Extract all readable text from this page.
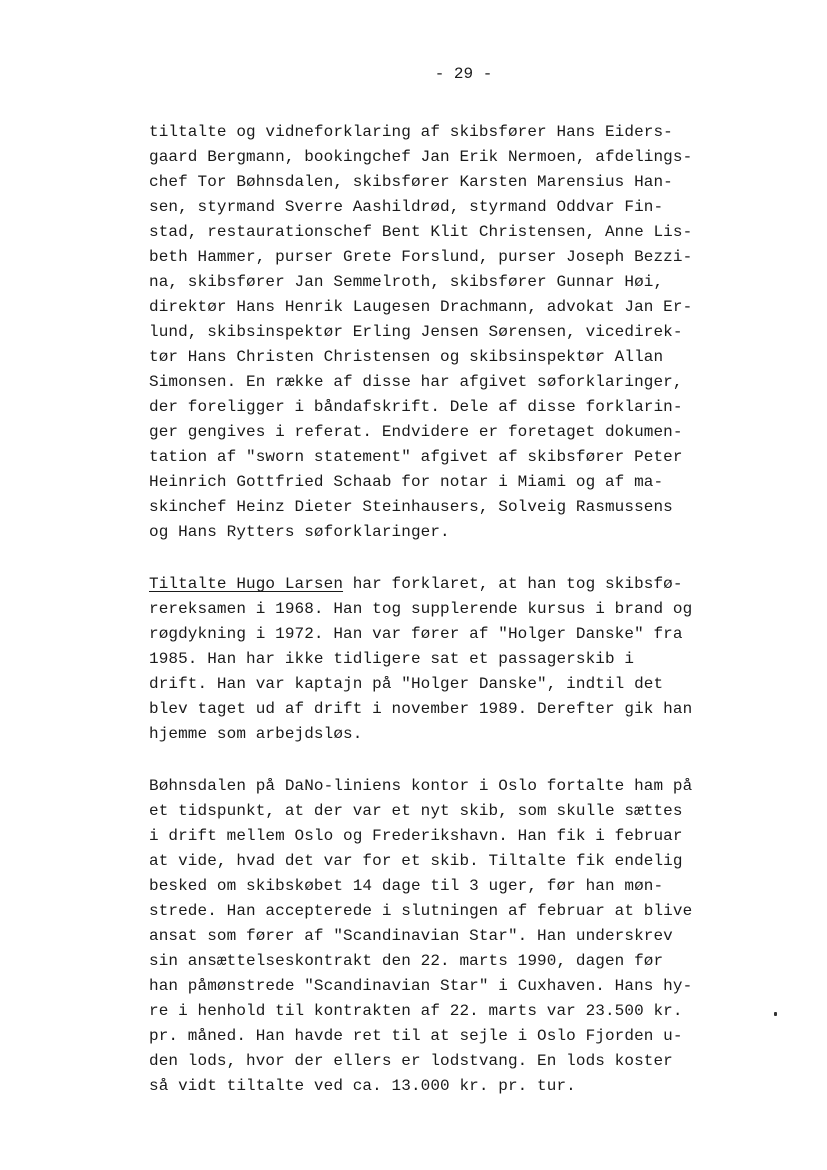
- 29 -
tiltalte og vidneforklaring af skibsfører Hans Eiders-
gaard Bergmann, bookingchef Jan Erik Nermoen, afdelings-
chef Tor Bøhnsdalen, skibsfører Karsten Marensius Han-
sen, styrmand Sverre Aashildrød, styrmand Oddvar Fin-
stad, restaurationschef Bent Klit Christensen, Anne Lis-
beth Hammer, purser Grete Forslund, purser Joseph Bezzi-
na, skibsfører Jan Semmelroth, skibsfører Gunnar Høi,
direktør Hans Henrik Laugesen Drachmann, advokat Jan Er-
lund, skibsinspektør Erling Jensen Sørensen, vicedirek-
tør Hans Christen Christensen og skibsinspektør Allan
Simonsen. En række af disse har afgivet søforklaringer,
der foreligger i båndafskrift. Dele af disse forklarin-
ger gengives i referat. Endvidere er foretaget dokumen-
tation af "sworn statement" afgivet af skibsfører Peter
Heinrich Gottfried Schaab for notar i Miami og af ma-
skinchef Heinz Dieter Steinhausers, Solveig Rasmussens
og Hans Rytters søforklaringer.
Tiltalte Hugo Larsen har forklaret, at han tog skibsfø-
rereksamen i 1968. Han tog supplerende kursus i brand og
røgdykning i 1972. Han var fører af "Holger Danske" fra
1985. Han har ikke tidligere sat et passagerskib i
drift. Han var kaptajn på "Holger Danske", indtil det
blev taget ud af drift i november 1989. Derefter gik han
hjemme som arbejdsløs.
Bøhnsdalen på DaNo-liniens kontor i Oslo fortalte ham på
et tidspunkt, at der var et nyt skib, som skulle sættes
i drift mellem Oslo og Frederikshavn. Han fik i februar
at vide, hvad det var for et skib. Tiltalte fik endelig
besked om skibskøbet 14 dage til 3 uger, før han møn-
strede. Han accepterede i slutningen af februar at blive
ansat som fører af "Scandinavian Star". Han underskrev
sin ansættelseskontrakt den 22. marts 1990, dagen før
han påmønstrede "Scandinavian Star" i Cuxhaven. Hans hy-
re i henhold til kontrakten af 22. marts var 23.500 kr.
pr. måned. Han havde ret til at sejle i Oslo Fjorden u-
den lods, hvor der ellers er lodstvang. En lods koster
så vidt tiltalte ved ca. 13.000 kr. pr. tur.
